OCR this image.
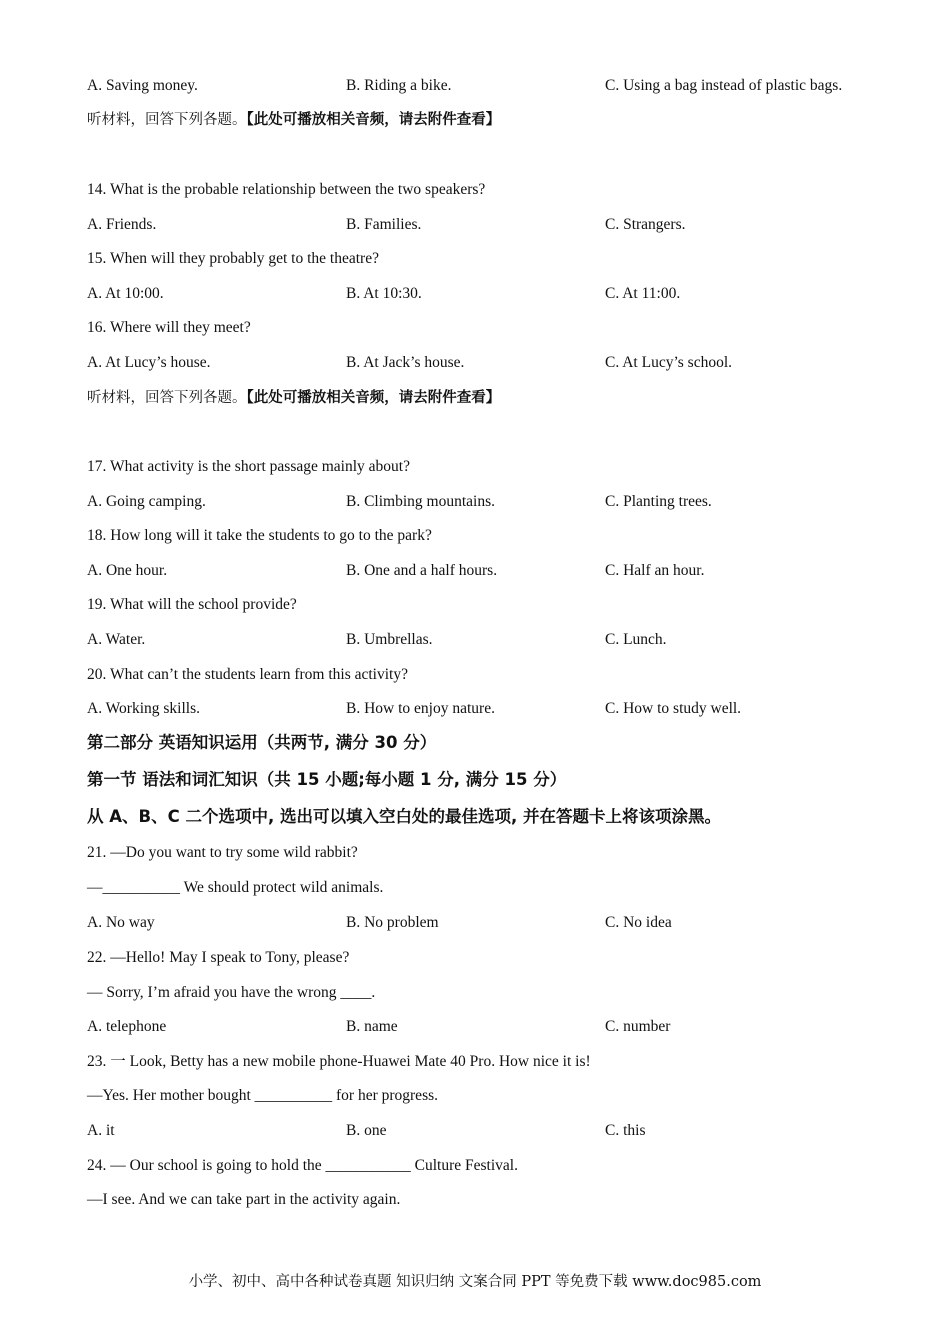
A. Saving money.	B. Riding a bike.	C. Using a bag instead of plastic bags.
听材料，回答下列各题。【此处可播放相关音频，请去附件查看】
14. What is the probable relationship between the two speakers?
A. Friends.	B. Families.	C. Strangers.
15. When will they probably get to the theatre?
A. At 10:00.	B. At 10:30.	C. At 11:00.
16. Where will they meet?
A. At Lucy’s house.	B. At Jack’s house.	C. At Lucy’s school.
听材料，回答下列各题。【此处可播放相关音频，请去附件查看】
17. What activity is the short passage mainly about?
A. Going camping.	B. Climbing mountains.	C. Planting trees.
18. How long will it take the students to go to the park?
A. One hour.	B. One and a half hours.	C. Half an hour.
19. What will the school provide?
A. Water.	B. Umbrellas.	C. Lunch.
20. What can’t the students learn from this activity?
A. Working skills.	B. How to enjoy nature.	C. How to study well.
第二部分 英语知识运用（共两节, 满分 30 分）
第一节 语法和词汇知识（共 15 小题;每小题 1 分, 满分 15 分）
从 A、B、C 二个选项中, 选出可以填入空白处的最佳选项, 并在答题卡上将该项涂黑。
21. —Do you want to try some wild rabbit?
—__________ We should protect wild animals.
A. No way	B. No problem	C. No idea
22. —Hello! May I speak to Tony, please?
— Sorry, I’m afraid you have the wrong ____.
A. telephone	B. name	C. number
23. 一 Look, Betty has a new mobile phone-Huawei Mate 40 Pro. How nice it is!
—Yes. Her mother bought __________ for her progress.
A. it	B. one	C. this
24. — Our school is going to hold the ___________ Culture Festival.
—I see. And we can take part in the activity again.
小学、初中、高中各种试卷真题 知识归纳 文案合同 PPT 等免费下载 www.doc985.com
